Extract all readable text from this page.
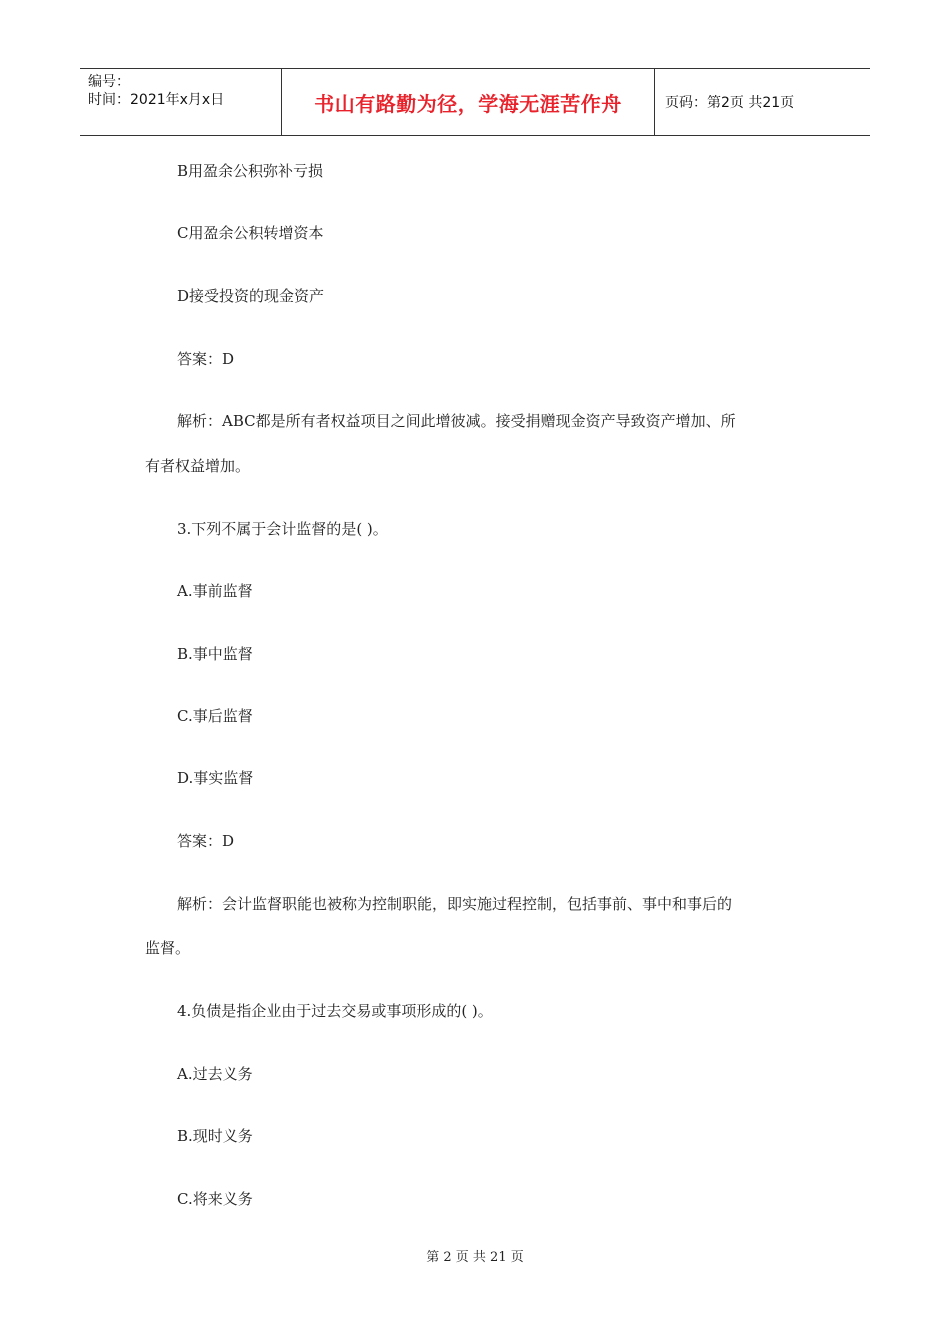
编号：
时间：2021年x月x日	书山有路勤为径，学海无涯苦作舟	页码：第2页 共21页
B用盈余公积弥补亏损
C用盈余公积转增资本
D接受投资的现金资产
答案：D
解析：ABC都是所有者权益项目之间此增彼减。接受捐赠现金资产导致资产增加、所
有者权益增加。
3.下列不属于会计监督的是( )。
A.事前监督
B.事中监督
C.事后监督
D.事实监督
答案：D
解析：会计监督职能也被称为控制职能，即实施过程控制，包括事前、事中和事后的
监督。
4.负债是指企业由于过去交易或事项形成的( )。
A.过去义务
B.现时义务
C.将来义务
第 2 页 共 21 页
